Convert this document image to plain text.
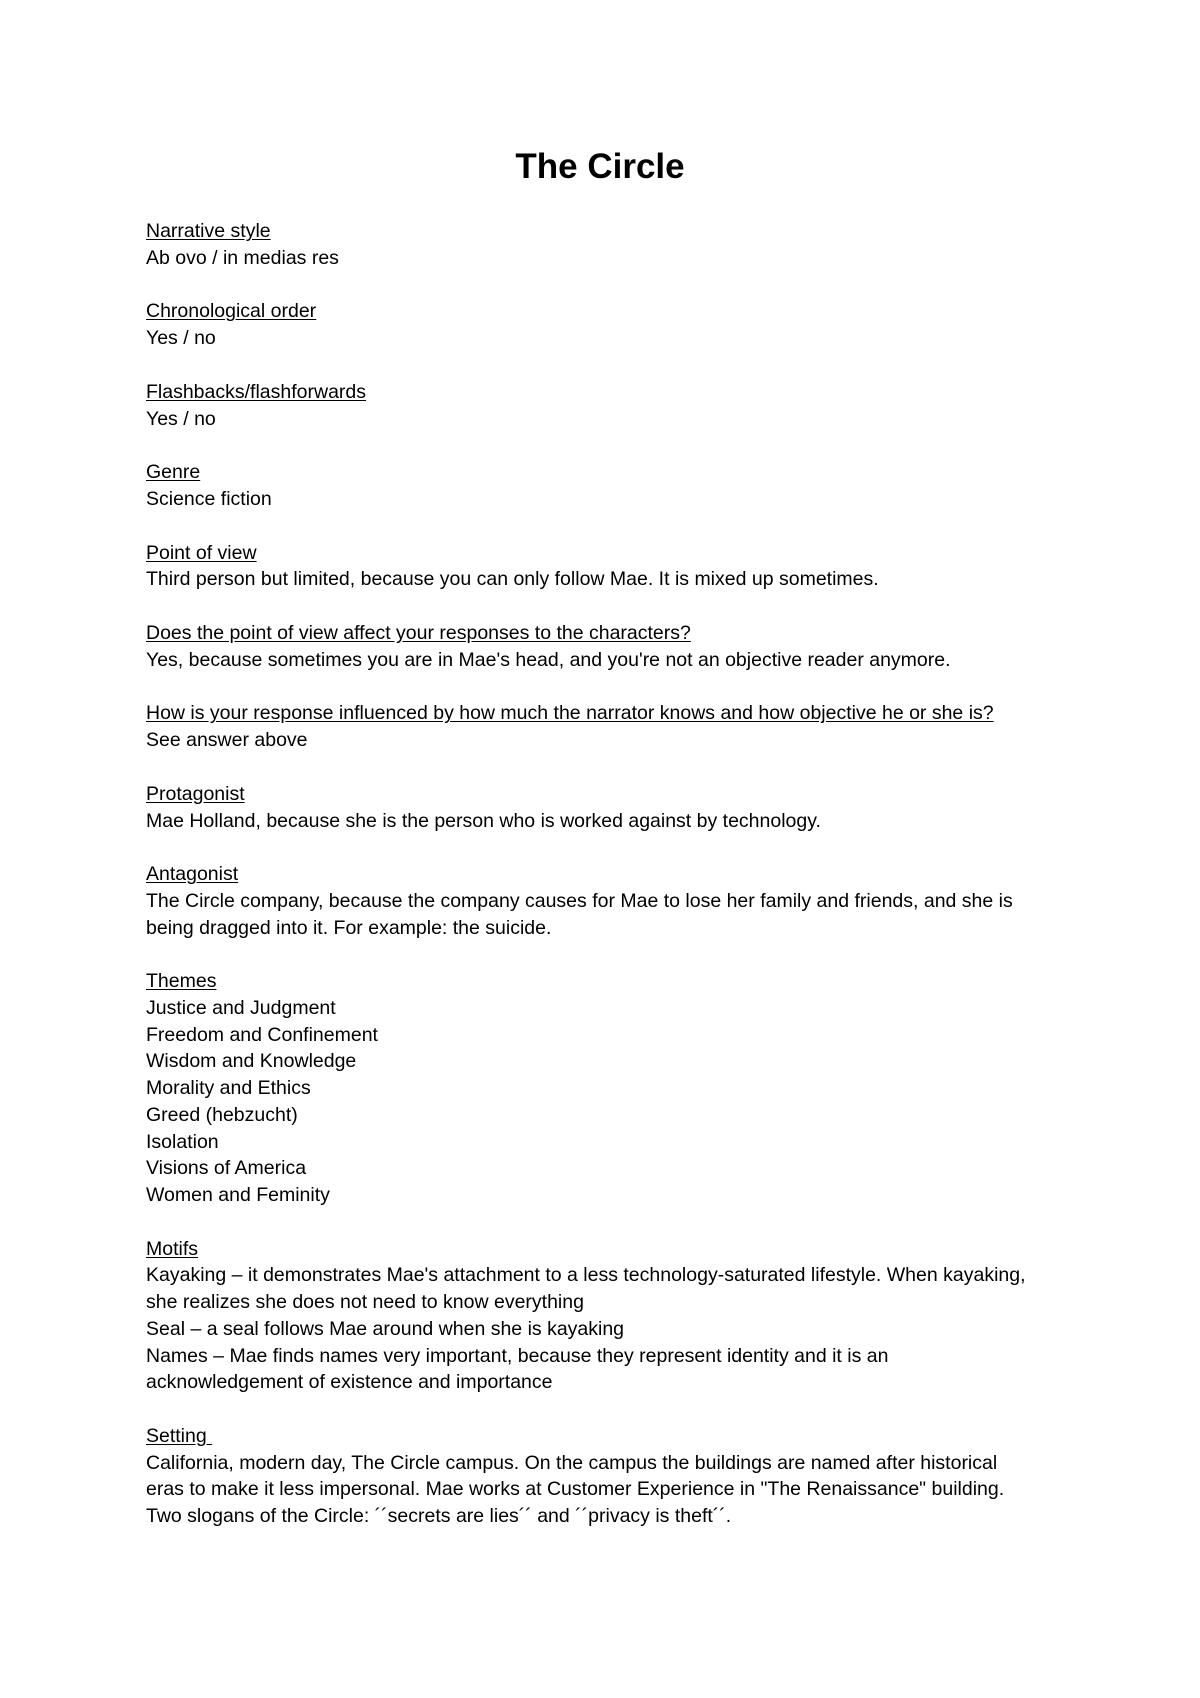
The Circle
Narrative style
Ab ovo / in medias res
Chronological order
Yes / no
Flashbacks/flashforwards
Yes / no
Genre
Science fiction
Point of view
Third person but limited, because you can only follow Mae. It is mixed up sometimes.
Does the point of view affect your responses to the characters?
Yes, because sometimes you are in Mae's head, and you're not an objective reader anymore.
How is your response influenced by how much the narrator knows and how objective he or she is?
See answer above
Protagonist
Mae Holland, because she is the person who is worked against by technology.
Antagonist
The Circle company, because the company causes for Mae to lose her family and friends, and she is
being dragged into it. For example: the suicide.
Themes
Justice and Judgment
Freedom and Confinement
Wisdom and Knowledge
Morality and Ethics
Greed (hebzucht)
Isolation
Visions of America
Women and Feminity
Motifs
Kayaking – it demonstrates Mae's attachment to a less technology-saturated lifestyle. When kayaking,
she realizes she does not need to know everything
Seal – a seal follows Mae around when she is kayaking
Names – Mae finds names very important, because they represent identity and it is an
acknowledgement of existence and importance
Setting
California, modern day, The Circle campus. On the campus the buildings are named after historical
eras to make it less impersonal. Mae works at Customer Experience in "The Renaissance" building.
Two slogans of the Circle: ´´secrets are lies´´ and ´´privacy is theft´´.
